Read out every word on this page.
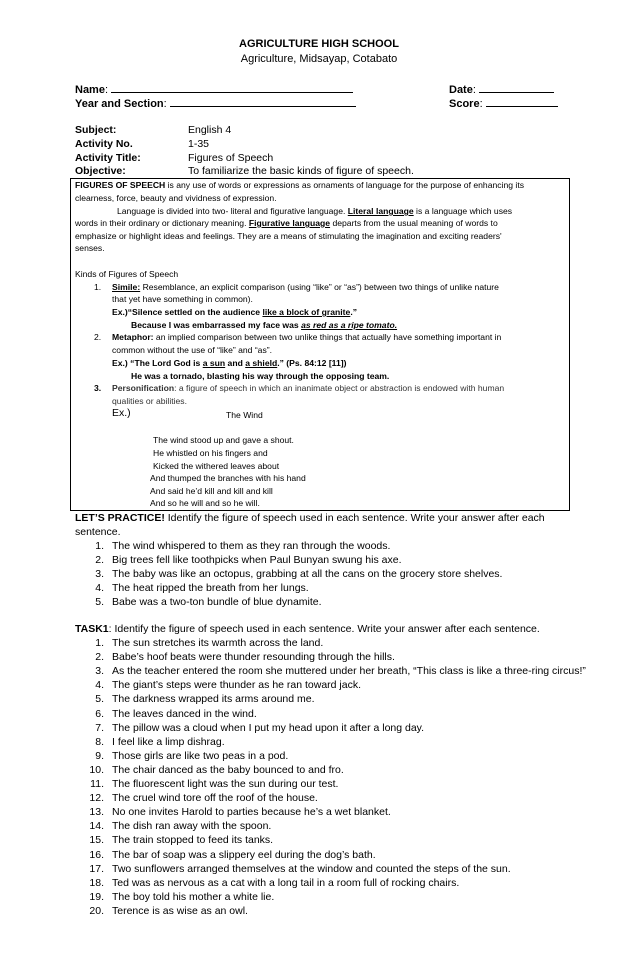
AGRICULTURE HIGH SCHOOL
Agriculture, Midsayap, Cotabato
Name:	Date:
Year and Section:	Score:
Subject:	English 4
Activity No.	1-35
Activity Title:	Figures of Speech
Objective:	To familiarize the basic kinds of figure of speech.
FIGURES OF SPEECH is any use of words or expressions as ornaments of language for the purpose of enhancing its
clearness, force, beauty and vividness of expression.
Language is divided into two- literal and figurative language. Literal language is a language which uses
words in their ordinary or dictionary meaning. Figurative language departs from the usual meaning of words to
emphasize or highlight ideas and feelings. They are a means of stimulating the imagination and exciting readers'
senses.
Kinds of Figures of Speech
1. Simile: Resemblance, an explicit comparison (using “like” or “as”) between two things of unlike nature
that yet have something in common).
Ex.)“Silence settled on the audience like a block of granite.”
Because I was embarrassed my face was as red as a ripe tomato.
2. Metaphor: an implied comparison between two unlike things that actually have something important in
common without the use of “like” and “as”.
Ex.) “The Lord God is a sun and a shield.” (Ps. 84:12 [11])
He was a tornado, blasting his way through the opposing team.
3. Personification: a figure of speech in which an inanimate object or abstraction is endowed with human
qualities or abilities.
Ex.)	The Wind
The wind stood up and gave a shout.
He whistled on his fingers and
Kicked the withered leaves about
And thumped the branches with his hand
And said he’d kill and kill and kill
And so he will and so he will.
LET’S PRACTICE! Identify the figure of speech used in each sentence. Write your answer after each
sentence.
1. The wind whispered to them as they ran through the woods.
2. Big trees fell like toothpicks when Paul Bunyan swung his axe.
3. The baby was like an octopus, grabbing at all the cans on the grocery store shelves.
4. The heat ripped the breath from her lungs.
5. Babe was a two-ton bundle of blue dynamite.
TASK1: Identify the figure of speech used in each sentence. Write your answer after each sentence.
1. The sun stretches its warmth across the land.
2. Babe’s hoof beats were thunder resounding through the hills.
3. As the teacher entered the room she muttered under her breath, “This class is like a three-ring circus!”
4. The giant’s steps were thunder as he ran toward jack.
5. The darkness wrapped its arms around me.
6. The leaves danced in the wind.
7. The pillow was a cloud when I put my head upon it after a long day.
8. I feel like a limp dishrag.
9. Those girls are like two peas in a pod.
10. The chair danced as the baby bounced to and fro.
11. The fluorescent light was the sun during our test.
12. The cruel wind tore off the roof of the house.
13. No one invites Harold to parties because he’s a wet blanket.
14. The dish ran away with the spoon.
15. The train stopped to feed its tanks.
16. The bar of soap was a slippery eel during the dog’s bath.
17. Two sunflowers arranged themselves at the window and counted the steps of the sun.
18. Ted was as nervous as a cat with a long tail in a room full of rocking chairs.
19. The boy told his mother a white lie.
20. Terence is as wise as an owl.
